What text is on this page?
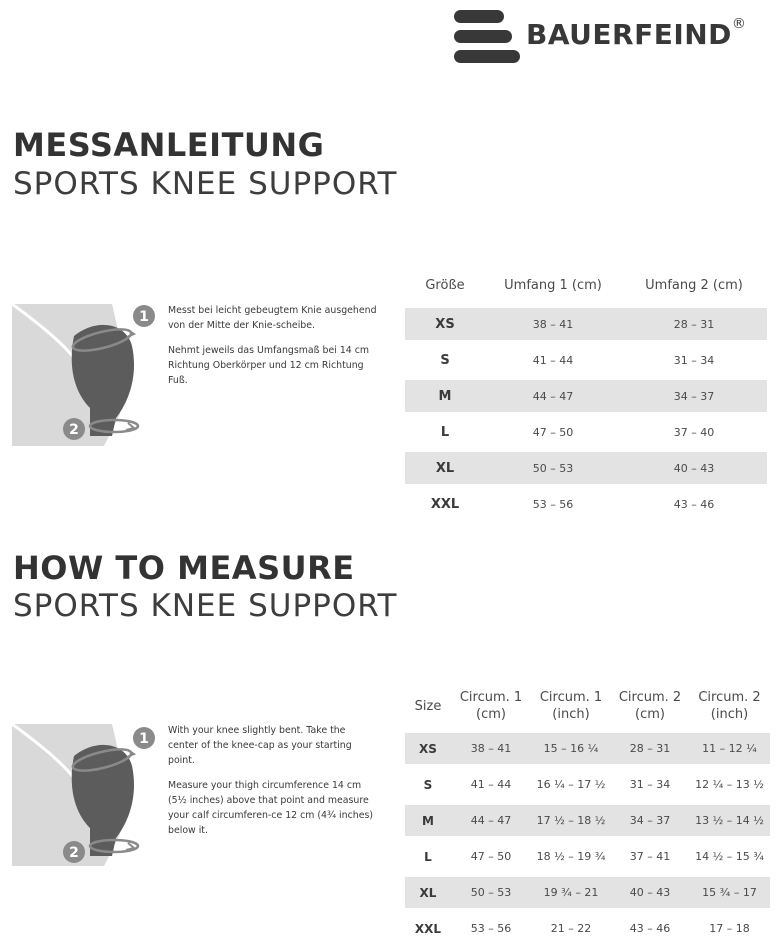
BAUERFEIND®
MESSANLEITUNG
SPORTS KNEE SUPPORT
1
2

Messt bei leicht gebeugtem Knie ausgehend von der Mitte der Knie-scheibe.

Nehmt jeweils das Umfangsmaß bei 14 cm Richtung Oberkörper und 12 cm Richtung Fuß.

Größe	Umfang 1 (cm)	Umfang 2 (cm)
XS	38 – 41	28 – 31
S	41 – 44	31 – 34
M	44 – 47	34 – 37
L	47 – 50	37 – 40
XL	50 – 53	40 – 43
XXL	53 – 56	43 – 46
HOW TO MEASURE
SPORTS KNEE SUPPORT
1
2

With your knee slightly bent. Take the center of the knee-cap as your starting point.

Measure your thigh circumference 14 cm (5½ inches) above that point and measure your calf circumferen-ce 12 cm (4¾ inches) below it.

Size	Circum. 1 (cm)	Circum. 1 (inch)	Circum. 2 (cm)	Circum. 2 (inch)
XS	38 – 41	15 – 16 ¼	28 – 31	11 – 12 ¼
S	41 – 44	16 ¼ – 17 ½	31 – 34	12 ¼ – 13 ½
M	44 – 47	17 ½ – 18 ½	34 – 37	13 ½ – 14 ½
L	47 – 50	18 ½ – 19 ¾	37 – 41	14 ½ – 15 ¾
XL	50 – 53	19 ¾ – 21	40 – 43	15 ¾ – 17
XXL	53 – 56	21 – 22	43 – 46	17 – 18
